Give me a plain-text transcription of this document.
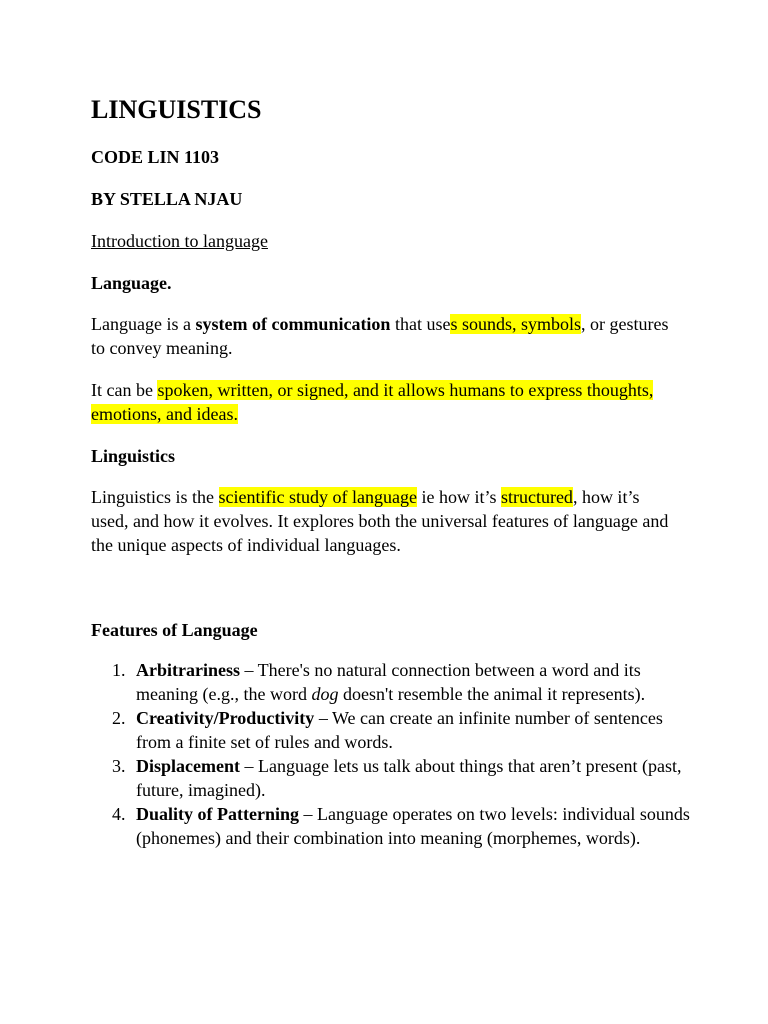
LINGUISTICS

CODE LIN 1103

BY STELLA NJAU

Introduction to language

Language.

Language is a system of communication that uses sounds, symbols, or gestures to convey meaning.

It can be spoken, written, or signed, and it allows humans to express thoughts, emotions, and ideas.

Linguistics

Linguistics is the scientific study of language ie how it’s structured, how it’s used, and how it evolves. It explores both the universal features of language and the unique aspects of individual languages.

Features of Language

1. Arbitrariness – There's no natural connection between a word and its meaning (e.g., the word dog doesn't resemble the animal it represents).
2. Creativity/Productivity – We can create an infinite number of sentences from a finite set of rules and words.
3. Displacement – Language lets us talk about things that aren’t present (past, future, imagined).
4. Duality of Patterning – Language operates on two levels: individual sounds (phonemes) and their combination into meaning (morphemes, words).
